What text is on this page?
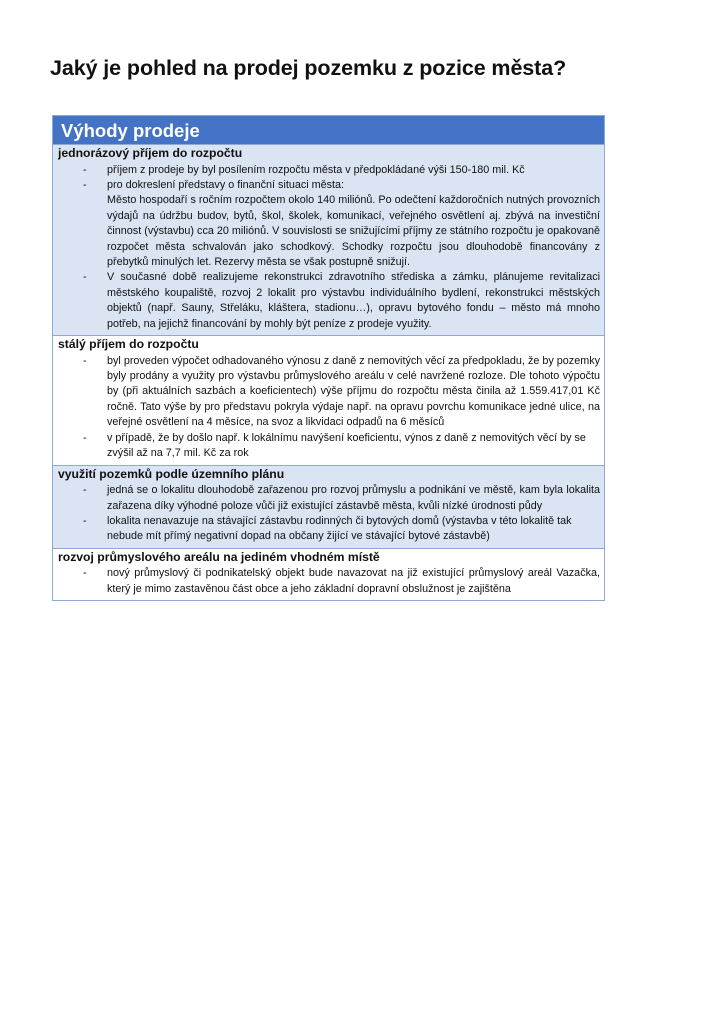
Jaký je pohled na prodej pozemku z pozice města?
Výhody prodeje
jednorázový příjem do rozpočtu
- příjem z prodeje by byl posílením rozpočtu města v předpokládané výši 150-180 mil. Kč
- pro dokreslení představy o finanční situaci města:
Město hospodaří s ročním rozpočtem okolo 140 miliónů. Po odečtení každoročních nutných provozních výdajů na údržbu budov, bytů, škol, školek, komunikací, veřejného osvětlení aj. zbývá na investiční činnost (výstavbu) cca 20 miliónů. V souvislosti se snižujícími příjmy ze státního rozpočtu je opakovaně rozpočet města schvalován jako schodkový. Schodky rozpočtu jsou dlouhodobě financovány z přebytků minulých let. Rezervy města se však postupně snižují.
- V současné době realizujeme rekonstrukci zdravotního střediska a zámku, plánujeme revitalizaci městského koupaliště, rozvoj 2 lokalit pro výstavbu individuálního bydlení, rekonstrukci městských objektů (např. Sauny, Střeláku, kláštera, stadionu…), opravu bytového fondu – město má mnoho potřeb, na jejichž financování by mohly být peníze z prodeje využity.
stálý příjem do rozpočtu
- byl proveden výpočet odhadovaného výnosu z daně z nemovitých věcí za předpokladu, že by pozemky byly prodány a využity pro výstavbu průmyslového areálu v celé navržené rozloze. Dle tohoto výpočtu by (při aktuálních sazbách a koeficientech) výše příjmu do rozpočtu města činila až 1.559.417,01 Kč ročně. Tato výše by pro představu pokryla výdaje např. na opravu povrchu komunikace jedné ulice, na veřejné osvětlení na 4 měsíce, na svoz a likvidaci odpadů na 6 měsíců
- v případě, že by došlo např. k lokálnímu navýšení koeficientu, výnos z daně z nemovitých věcí by se zvýšil až na 7,7 mil. Kč za rok
využití pozemků podle územního plánu
- jedná se o lokalitu dlouhodobě zařazenou pro rozvoj průmyslu a podnikání ve městě, kam byla lokalita zařazena díky výhodné poloze vůči již existující zástavbě města, kvůli nízké úrodnosti půdy
- lokalita nenavazuje na stávající zástavbu rodinných či bytových domů (výstavba v této lokalitě tak nebude mít přímý negativní dopad na občany žijící ve stávající bytové zástavbě)
rozvoj průmyslového areálu na jediném vhodném místě
- nový průmyslový či podnikatelský objekt bude navazovat na již existující průmyslový areál Vazačka, který je mimo zastavěnou část obce a jeho základní dopravní obslužnost je zajištěna
